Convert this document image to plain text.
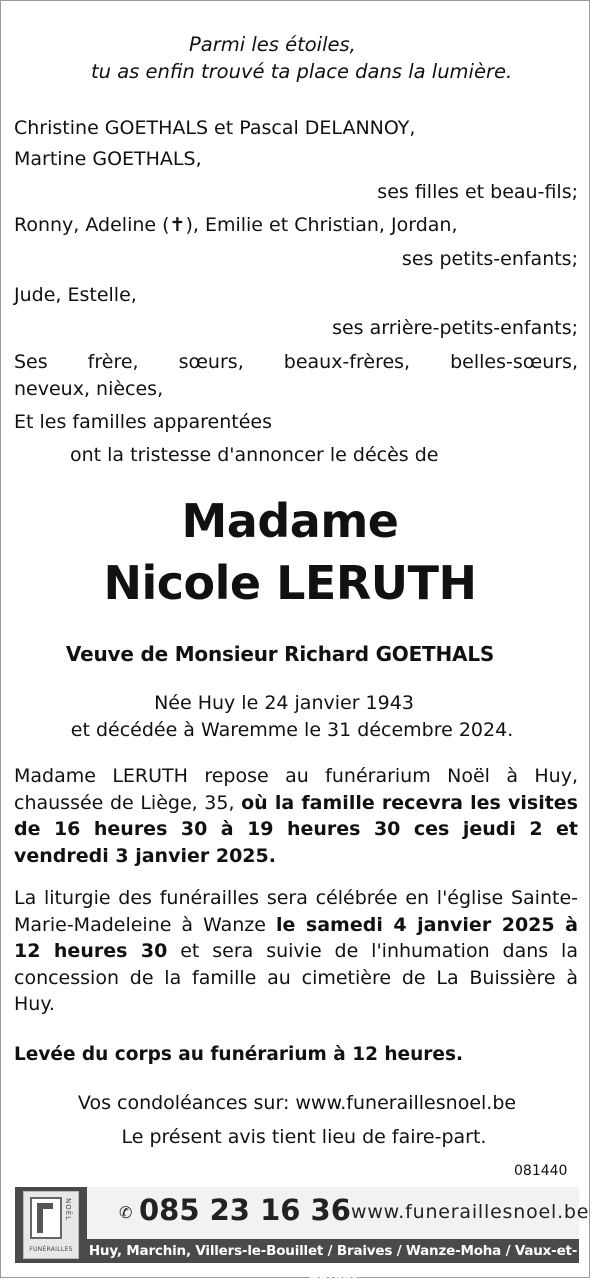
Parmi les étoiles,
tu as enfin trouvé ta place dans la lumière.
Christine GOETHALS et Pascal DELANNOY,
Martine GOETHALS,
ses filles et beau-fils;
Ronny, Adeline (✝), Emilie et Christian, Jordan,
ses petits-enfants;
Jude, Estelle,
ses arrière-petits-enfants;
Ses frère, sœurs, beaux-frères, belles-sœurs,
neveux, nièces,
Et les familles apparentées
ont la tristesse d'annoncer le décès de
Madame
Nicole LERUTH
Veuve de Monsieur Richard GOETHALS
Née Huy le 24 janvier 1943
et décédée à Waremme le 31 décembre 2024.
Madame LERUTH repose au funérarium Noël à Huy, chaussée de Liège, 35, où la famille recevra les visites de 16 heures 30 à 19 heures 30 ces jeudi 2 et vendredi 3 janvier 2025.
La liturgie des funérailles sera célébrée en l'église Sainte-Marie-Madeleine à Wanze le samedi 4 janvier 2025 à 12 heures 30 et sera suivie de l'inhumation dans la concession de la famille au cimetière de La Buissière à Huy.
Levée du corps au funérarium à 12 heures.
Vos condoléances sur: www.funeraillesnoel.be
Le présent avis tient lieu de faire-part.
081440
NOËL
FUNÉRAILLES
✆ 085 23 16 36 www.funeraillesnoel.be
Huy, Marchin, Villers-le-Bouillet / Braives / Wanze-Moha / Vaux-et-Borset
